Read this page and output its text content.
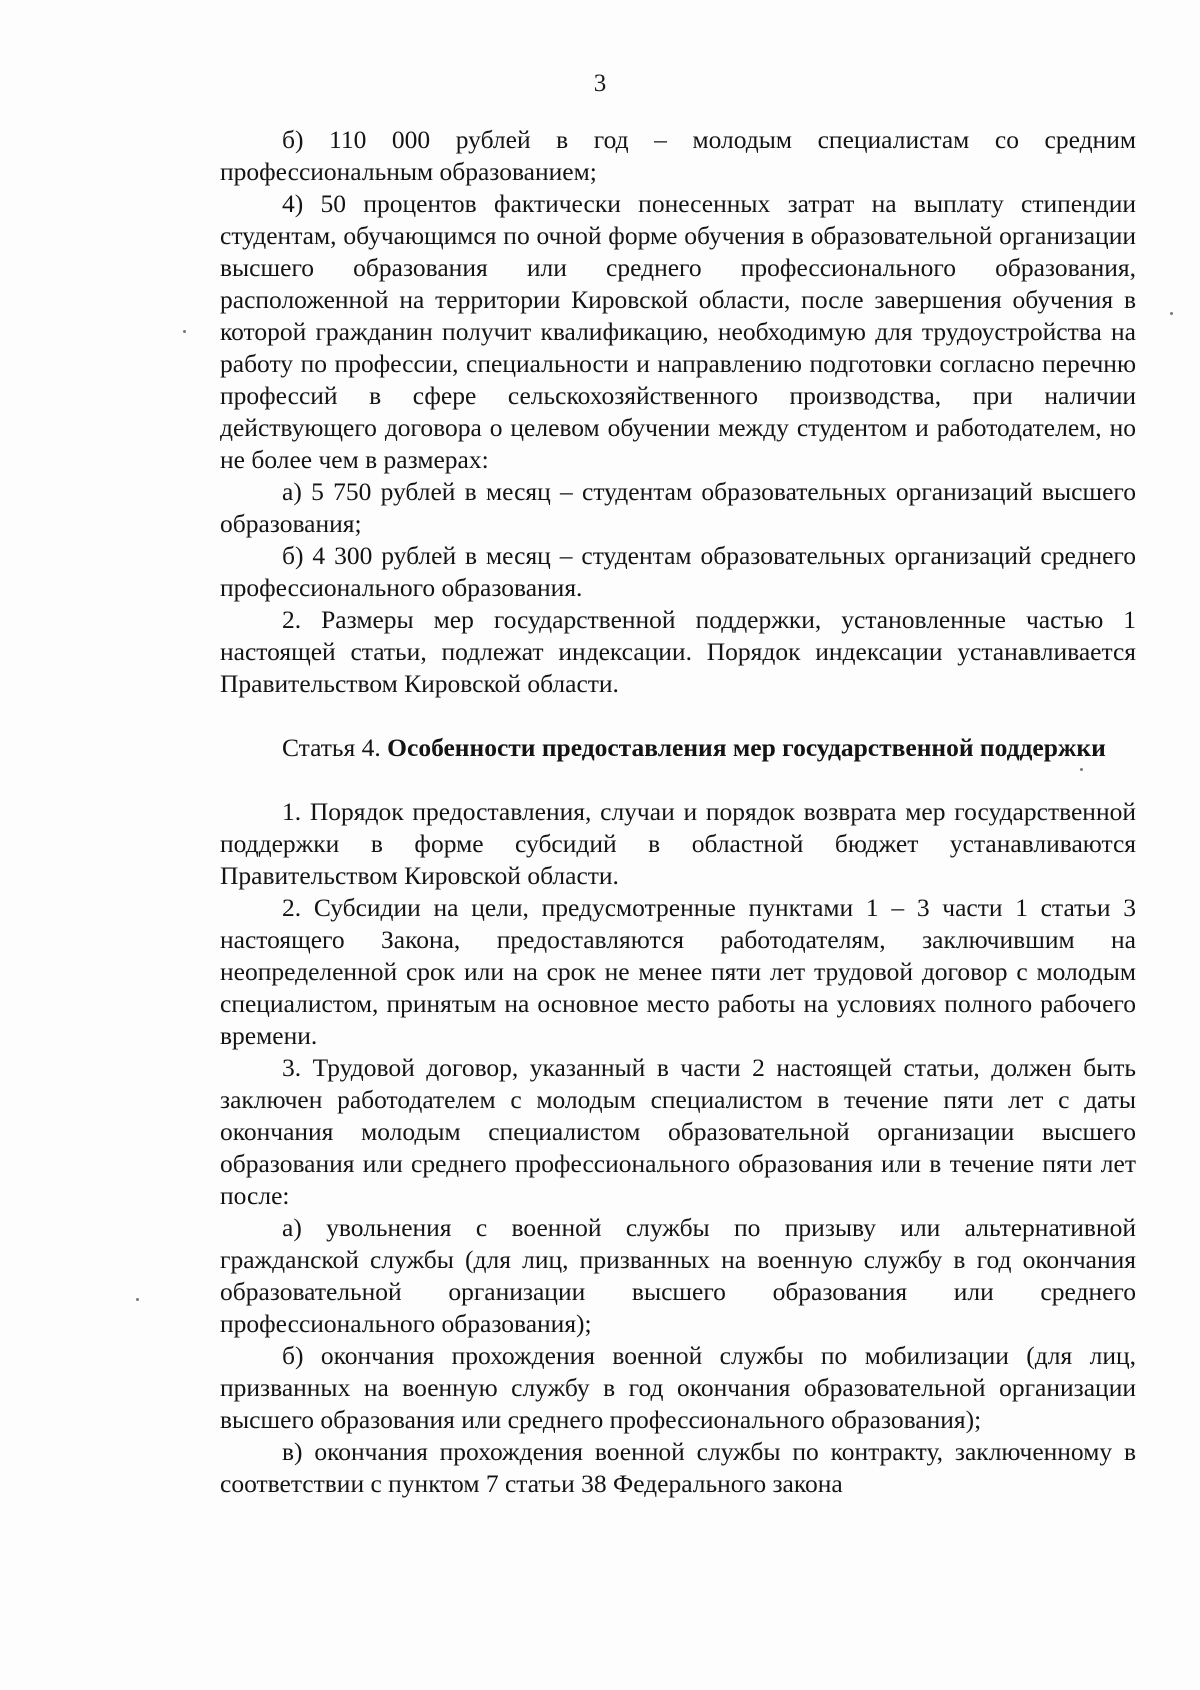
3

б) 110 000 рублей в год – молодым специалистам со средним профессиональным образованием;

4) 50 процентов фактически понесенных затрат на выплату стипендии студентам, обучающимся по очной форме обучения в образовательной организации высшего образования или среднего профессионального образования, расположенной на территории Кировской области, после завершения обучения в которой гражданин получит квалификацию, необходимую для трудоустройства на работу по профессии, специальности и направлению подготовки согласно перечню профессий в сфере сельскохозяйственного производства, при наличии действующего договора о целевом обучении между студентом и работодателем, но не более чем в размерах:

а) 5 750 рублей в месяц – студентам образовательных организаций высшего образования;

б) 4 300 рублей в месяц – студентам образовательных организаций среднего профессионального образования.

2. Размеры мер государственной поддержки, установленные частью 1 настоящей статьи, подлежат индексации. Порядок индексации устанавливается Правительством Кировской области.

Статья 4. Особенности предоставления мер государственной поддержки

1. Порядок предоставления, случаи и порядок возврата мер государственной поддержки в форме субсидий в областной бюджет устанавливаются Правительством Кировской области.

2. Субсидии на цели, предусмотренные пунктами 1 – 3 части 1 статьи 3 настоящего Закона, предоставляются работодателям, заключившим на неопределенной срок или на срок не менее пяти лет трудовой договор с молодым специалистом, принятым на основное место работы на условиях полного рабочего времени.

3. Трудовой договор, указанный в части 2 настоящей статьи, должен быть заключен работодателем с молодым специалистом в течение пяти лет с даты окончания молодым специалистом образовательной организации высшего образования или среднего профессионального образования или в течение пяти лет после:

а) увольнения с военной службы по призыву или альтернативной гражданской службы (для лиц, призванных на военную службу в год окончания образовательной организации высшего образования или среднего профессионального образования);

б) окончания прохождения военной службы по мобилизации (для лиц, призванных на военную службу в год окончания образовательной организации высшего образования или среднего профессионального образования);

в) окончания прохождения военной службы по контракту, заключенному в соответствии с пунктом 7 статьи 38 Федерального закона
